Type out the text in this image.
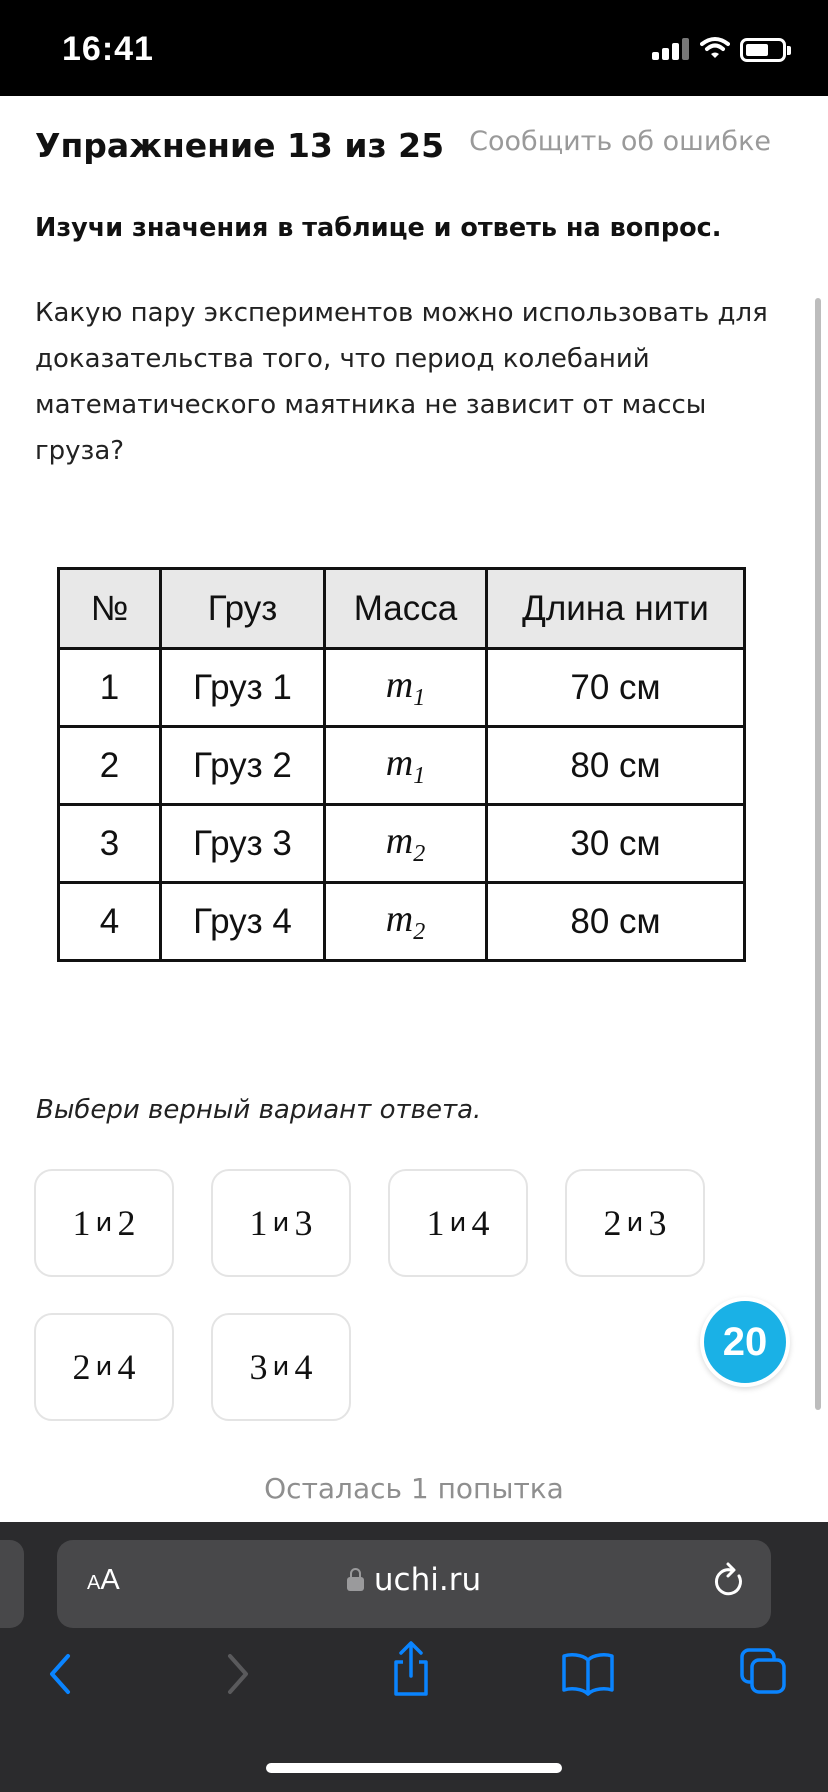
16:41
Упражнение 13 из 25 Сообщить об ошибке
Изучи значения в таблице и ответь на вопрос.
Какую пару экспериментов можно использовать для доказательства того, что период колебаний математического маятника не зависит от массы груза?
№	Груз	Масса	Длина нити
1	Груз 1	$m_1$	70 см
2	Груз 2	$m_1$	80 см
3	Груз 3	$m_2$	30 см
4	Груз 4	$m_2$	80 см
Выбери верный вариант ответа.
1 и 2	1 и 3	1 и 4	2 и 3
2 и 4	3 и 4
20
Осталась 1 попытка
AA	uchi.ru
